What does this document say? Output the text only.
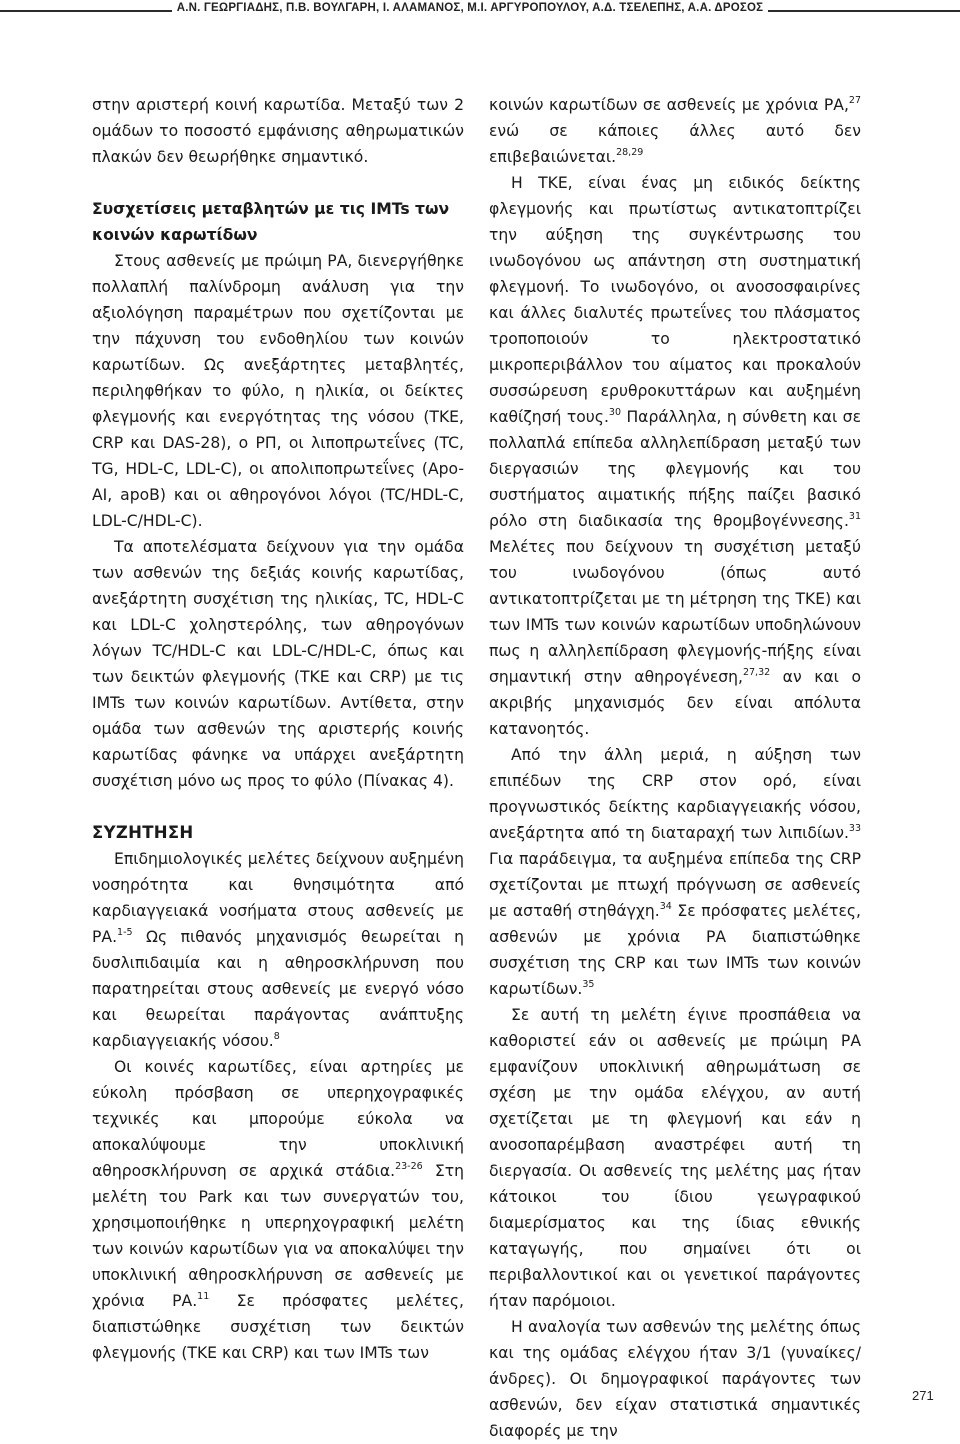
Α.Ν. ΓΕΩΡΓΙΑΔΗΣ, Π.Β. ΒΟΥΛΓΑΡΗ, Ι. ΑΛΑΜΑΝΟΣ, Μ.Ι. ΑΡΓΥΡΟΠΟΥΛΟΥ, Α.Δ. ΤΣΕΛΕΠΗΣ, Α.Α. ΔΡΟΣΟΣ

στην αριστερή κοινή καρωτίδα. Μεταξύ των 2 ομάδων το ποσοστό εμφάνισης αθηρωματικών πλακών δεν θεωρήθηκε σημαντικό.

Συσχετίσεις μεταβλητών με τις IMTs των κοινών καρωτίδων

Στους ασθενείς με πρώιμη ΡΑ, διενεργήθηκε πολλαπλή παλίνδρομη ανάλυση για την αξιολόγηση παραμέτρων που σχετίζονται με την πάχυνση του ενδοθηλίου των κοινών καρωτίδων. Ως ανεξάρτητες μεταβλητές, περιληφθήκαν το φύλο, η ηλικία, οι δείκτες φλεγμονής και ενεργότητας της νόσου (ΤΚΕ, CRP και DAS-28), ο ΡΠ, οι λιποπρωτεΐνες (TC, TG, HDL-C, LDL-C), οι απολιποπρωτεΐνες (Apo-AI, apoB) και οι αθηρογόνοι λόγοι (TC/HDL-C, LDL-C/HDL-C).

Τα αποτελέσματα δείχνουν για την ομάδα των ασθενών της δεξιάς κοινής καρωτίδας, ανεξάρτητη συσχέτιση της ηλικίας, TC, HDL-C και LDL-C χοληστερόλης, των αθηρογόνων λόγων TC/HDL-C και LDL-C/HDL-C, όπως και των δεικτών φλεγμονής (ΤΚΕ και CRP) με τις IMTs των κοινών καρωτίδων. Αντίθετα, στην ομάδα των ασθενών της αριστερής κοινής καρωτίδας φάνηκε να υπάρχει ανεξάρτητη συσχέτιση μόνο ως προς το φύλο (Πίνακας 4).

ΣΥΖΗΤΗΣΗ

Επιδημιολογικές μελέτες δείχνουν αυξημένη νοσηρότητα και θνησιμότητα από καρδιαγγειακά νοσήματα στους ασθενείς με ΡΑ.$^{1-5}$ Ως πιθανός μηχανισμός θεωρείται η δυσλιπιδαιμία και η αθηροσκλήρυνση που παρατηρείται στους ασθενείς με ενεργό νόσο και θεωρείται παράγοντας ανάπτυξης καρδιαγγειακής νόσου.$^8$

Οι κοινές καρωτίδες, είναι αρτηρίες με εύκολη πρόσβαση σε υπερηχογραφικές τεχνικές και μπορούμε εύκολα να αποκαλύψουμε την υποκλινική αθηροσκλήρυνση σε αρχικά στάδια.$^{23-26}$ Στη μελέτη του Park και των συνεργατών του, χρησιμοποιήθηκε η υπερηχογραφική μελέτη των κοινών καρωτίδων για να αποκαλύψει την υποκλινική αθηροσκλήρυνση σε ασθενείς με χρόνια ΡΑ.$^{11}$ Σε πρόσφατες μελέτες, διαπιστώθηκε συσχέτιση των δεικτών φλεγμονής (ΤΚΕ και CRP) και των IMTs των

κοινών καρωτίδων σε ασθενείς με χρόνια ΡΑ,$^{27}$ ενώ σε κάποιες άλλες αυτό δεν επιβεβαιώνεται.$^{28,29}$

Η ΤΚΕ, είναι ένας μη ειδικός δείκτης φλεγμονής και πρωτίστως αντικατοπτρίζει την αύξηση της συγκέντρωσης του ινωδογόνου ως απάντηση στη συστηματική φλεγμονή. Το ινωδογόνο, οι ανοσοσφαιρίνες και άλλες διαλυτές πρωτεΐνες του πλάσματος τροποποιούν το ηλεκτροστατικό μικροπεριβάλλον του αίματος και προκαλούν συσσώρευση ερυθροκυττάρων και αυξημένη καθίζησή τους.$^{30}$ Παράλληλα, η σύνθετη και σε πολλαπλά επίπεδα αλληλεπίδραση μεταξύ των διεργασιών της φλεγμονής και του συστήματος αιματικής πήξης παίζει βασικό ρόλο στη διαδικασία της θρομβογέννεσης.$^{31}$ Μελέτες που δείχνουν τη συσχέτιση μεταξύ του ινωδογόνου (όπως αυτό αντικατοπτρίζεται με τη μέτρηση της ΤΚΕ) και των IMTs των κοινών καρωτίδων υποδηλώνουν πως η αλληλεπίδραση φλεγμονής-πήξης είναι σημαντική στην αθηρογένεση,$^{27,32}$ αν και ο ακριβής μηχανισμός δεν είναι απόλυτα κατανοητός.

Από την άλλη μεριά, η αύξηση των επιπέδων της CRP στον ορό, είναι προγνωστικός δείκτης καρδιαγγειακής νόσου, ανεξάρτητα από τη διαταραχή των λιπιδίων.$^{33}$ Για παράδειγμα, τα αυξημένα επίπεδα της CRP σχετίζονται με πτωχή πρόγνωση σε ασθενείς με ασταθή στηθάγχη.$^{34}$ Σε πρόσφατες μελέτες, ασθενών με χρόνια ΡΑ διαπιστώθηκε συσχέτιση της CRP και των IMTs των κοινών καρωτίδων.$^{35}$

Σε αυτή τη μελέτη έγινε προσπάθεια να καθοριστεί εάν οι ασθενείς με πρώιμη ΡΑ εμφανίζουν υποκλινική αθηρωμάτωση σε σχέση με την ομάδα ελέγχου, αν αυτή σχετίζεται με τη φλεγμονή και εάν η ανοσοπαρέμβαση αναστρέφει αυτή τη διεργασία. Οι ασθενείς της μελέτης μας ήταν κάτοικοι του ίδιου γεωγραφικού διαμερίσματος και της ίδιας εθνικής καταγωγής, που σημαίνει ότι οι περιβαλλοντικοί και οι γενετικοί παράγοντες ήταν παρόμοιοι.

Η αναλογία των ασθενών της μελέτης όπως και της ομάδας ελέγχου ήταν 3/1 (γυναίκες/άνδρες). Οι δημογραφικοί παράγοντες των ασθενών, δεν είχαν στατιστικά σημαντικές διαφορές με την

271
